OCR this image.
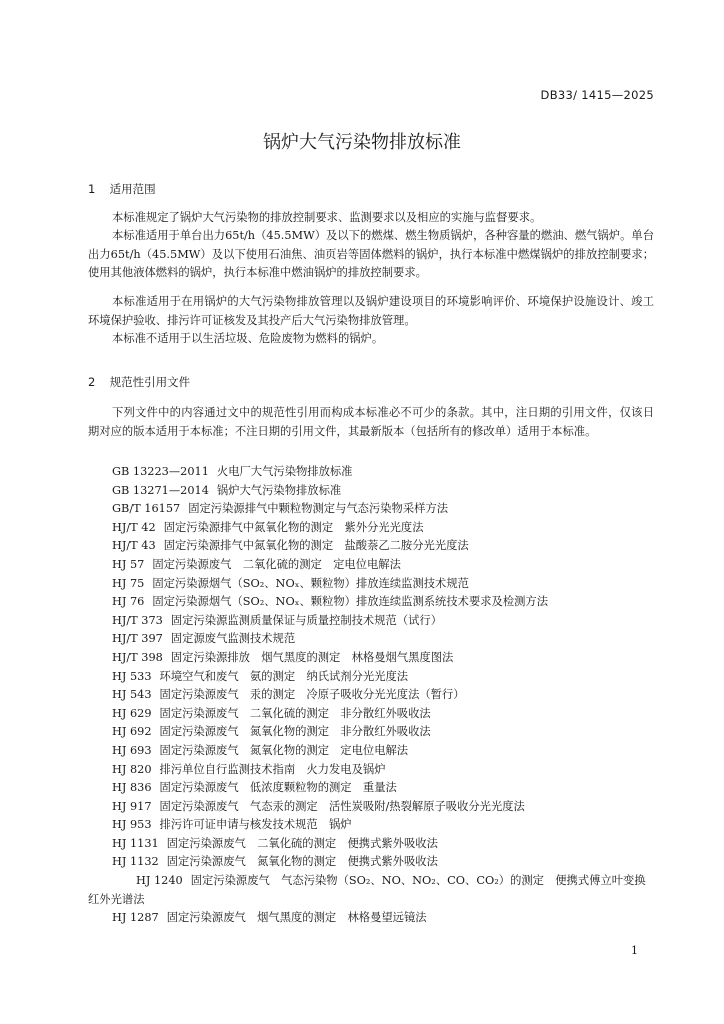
DB33/ 1415—2025
锅炉大气污染物排放标准
1 适用范围

本标准规定了锅炉大气污染物的排放控制要求、监测要求以及相应的实施与监督要求。

本标准适用于单台出力65t/h（45.5MW）及以下的燃煤、燃生物质锅炉，各种容量的燃油、燃气锅炉。单台出力65t/h（45.5MW）及以下使用石油焦、油页岩等固体燃料的锅炉，执行本标准中燃煤锅炉的排放控制要求；使用其他液体燃料的锅炉，执行本标准中燃油锅炉的排放控制要求。

本标准适用于在用锅炉的大气污染物排放管理以及锅炉建设项目的环境影响评价、环境保护设施设计、竣工环境保护验收、排污许可证核发及其投产后大气污染物排放管理。

本标准不适用于以生活垃圾、危险废物为燃料的锅炉。

2 规范性引用文件

下列文件中的内容通过文中的规范性引用而构成本标准必不可少的条款。其中，注日期的引用文件，仅该日期对应的版本适用于本标准；不注日期的引用文件，其最新版本（包括所有的修改单）适用于本标准。

GB 13223—2011 火电厂大气污染物排放标准
GB 13271—2014 锅炉大气污染物排放标准
GB/T 16157 固定污染源排气中颗粒物测定与气态污染物采样方法
HJ/T 42 固定污染源排气中氮氧化物的测定　紫外分光光度法
HJ/T 43 固定污染源排气中氮氧化物的测定　盐酸萘乙二胺分光光度法
HJ 57 固定污染源废气　二氧化硫的测定　定电位电解法
HJ 75 固定污染源烟气（SO₂、NOₓ、颗粒物）排放连续监测技术规范
HJ 76 固定污染源烟气（SO₂、NOₓ、颗粒物）排放连续监测系统技术要求及检测方法
HJ/T 373 固定污染源监测质量保证与质量控制技术规范（试行）
HJ/T 397 固定源废气监测技术规范
HJ/T 398 固定污染源排放　烟气黑度的测定　林格曼烟气黑度图法
HJ 533 环境空气和废气　氨的测定　纳氏试剂分光光度法
HJ 543 固定污染源废气　汞的测定　冷原子吸收分光光度法（暂行）
HJ 629 固定污染源废气　二氧化硫的测定　非分散红外吸收法
HJ 692 固定污染源废气　氮氧化物的测定　非分散红外吸收法
HJ 693 固定污染源废气　氮氧化物的测定　定电位电解法
HJ 820 排污单位自行监测技术指南　火力发电及锅炉
HJ 836 固定污染源废气　低浓度颗粒物的测定　重量法
HJ 917 固定污染源废气　气态汞的测定　活性炭吸附/热裂解原子吸收分光光度法
HJ 953 排污许可证申请与核发技术规范　锅炉
HJ 1131 固定污染源废气　二氧化硫的测定　便携式紫外吸收法
HJ 1132 固定污染源废气　氮氧化物的测定　便携式紫外吸收法
HJ 1240 固定污染源废气　气态污染物（SO₂、NO、NO₂、CO、CO₂）的测定　便携式傅立叶变换红外光谱法
HJ 1287 固定污染源废气　烟气黑度的测定　林格曼望远镜法
1
